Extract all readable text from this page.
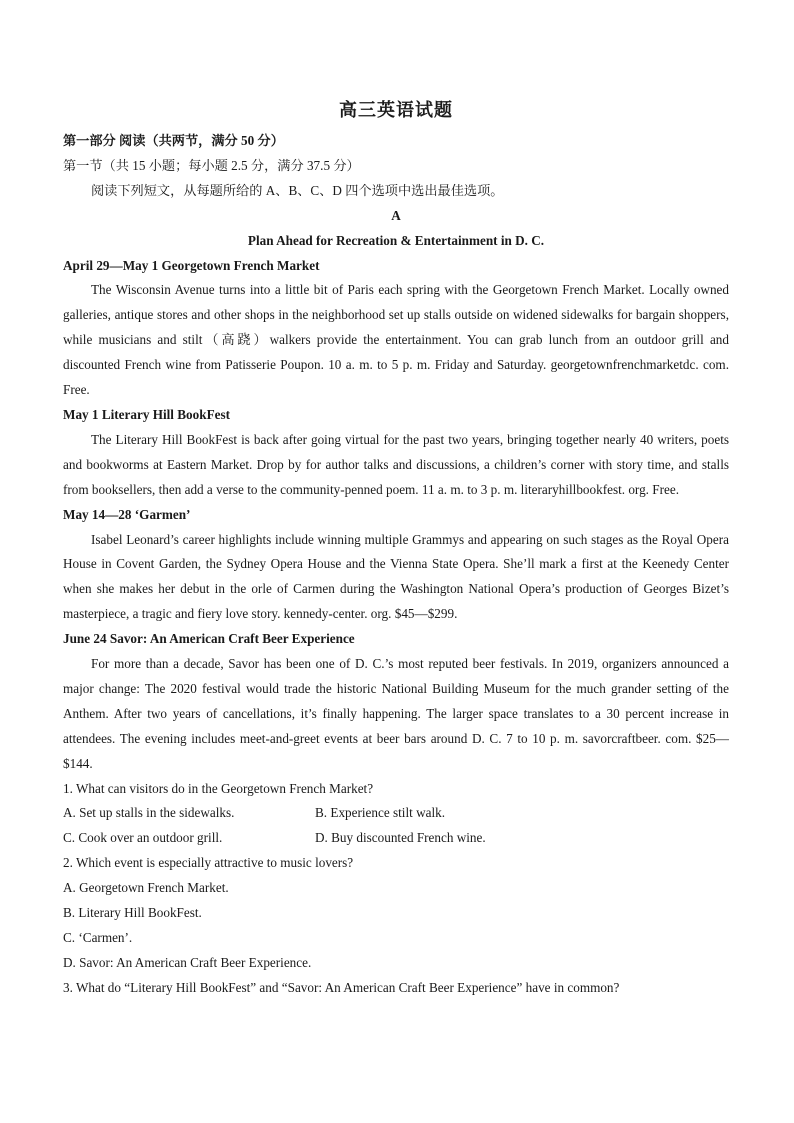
高三英语试题
第一部分 阅读（共两节，满分 50 分）
第一节（共 15 小题；每小题 2.5 分，满分 37.5 分）
阅读下列短文，从每题所给的 A、B、C、D 四个选项中选出最佳选项。
A
Plan Ahead for Recreation & Entertainment in D. C.
April 29—May 1 Georgetown French Market

The Wisconsin Avenue turns into a little bit of Paris each spring with the Georgetown French Market. Locally owned galleries, antique stores and other shops in the neighborhood set up stalls outside on widened sidewalks for bargain shoppers, while musicians and stilt（高跷）walkers provide the entertainment. You can grab lunch from an outdoor grill and discounted French wine from Patisserie Poupon. 10 a. m. to 5 p. m. Friday and Saturday. georgetownfrenchmarketdc. com. Free.

May 1 Literary Hill BookFest

The Literary Hill BookFest is back after going virtual for the past two years, bringing together nearly 40 writers, poets and bookworms at Eastern Market. Drop by for author talks and discussions, a children’s corner with story time, and stalls from booksellers, then add a verse to the community-penned poem. 11 a. m. to 3 p. m. literaryhillbookfest. org. Free.

May 14—28 ‘Garmen’

Isabel Leonard’s career highlights include winning multiple Grammys and appearing on such stages as the Royal Opera House in Covent Garden, the Sydney Opera House and the Vienna State Opera. She’ll mark a first at the Keenedy Center when she makes her debut in the orle of Carmen during the Washington National Opera’s production of Georges Bizet’s masterpiece, a tragic and fiery love story. kennedy-center. org. $45—$299.

June 24 Savor: An American Craft Beer Experience

For more than a decade, Savor has been one of D. C.’s most reputed beer festivals. In 2019, organizers announced a major change: The 2020 festival would trade the historic National Building Museum for the much grander setting of the Anthem. After two years of cancellations, it’s finally happening. The larger space translates to a 30 percent increase in attendees. The evening includes meet-and-greet events at beer bars around D. C. 7 to 10 p. m. savorcraftbeer. com. $25—$144.

1. What can visitors do in the Georgetown French Market?
A. Set up stalls in the sidewalks.	B. Experience stilt walk.
C. Cook over an outdoor grill.	D. Buy discounted French wine.
2. Which event is especially attractive to music lovers?
A. Georgetown French Market.
B. Literary Hill BookFest.
C. ‘Carmen’.
D. Savor: An American Craft Beer Experience.
3. What do “Literary Hill BookFest” and “Savor: An American Craft Beer Experience” have in common?
